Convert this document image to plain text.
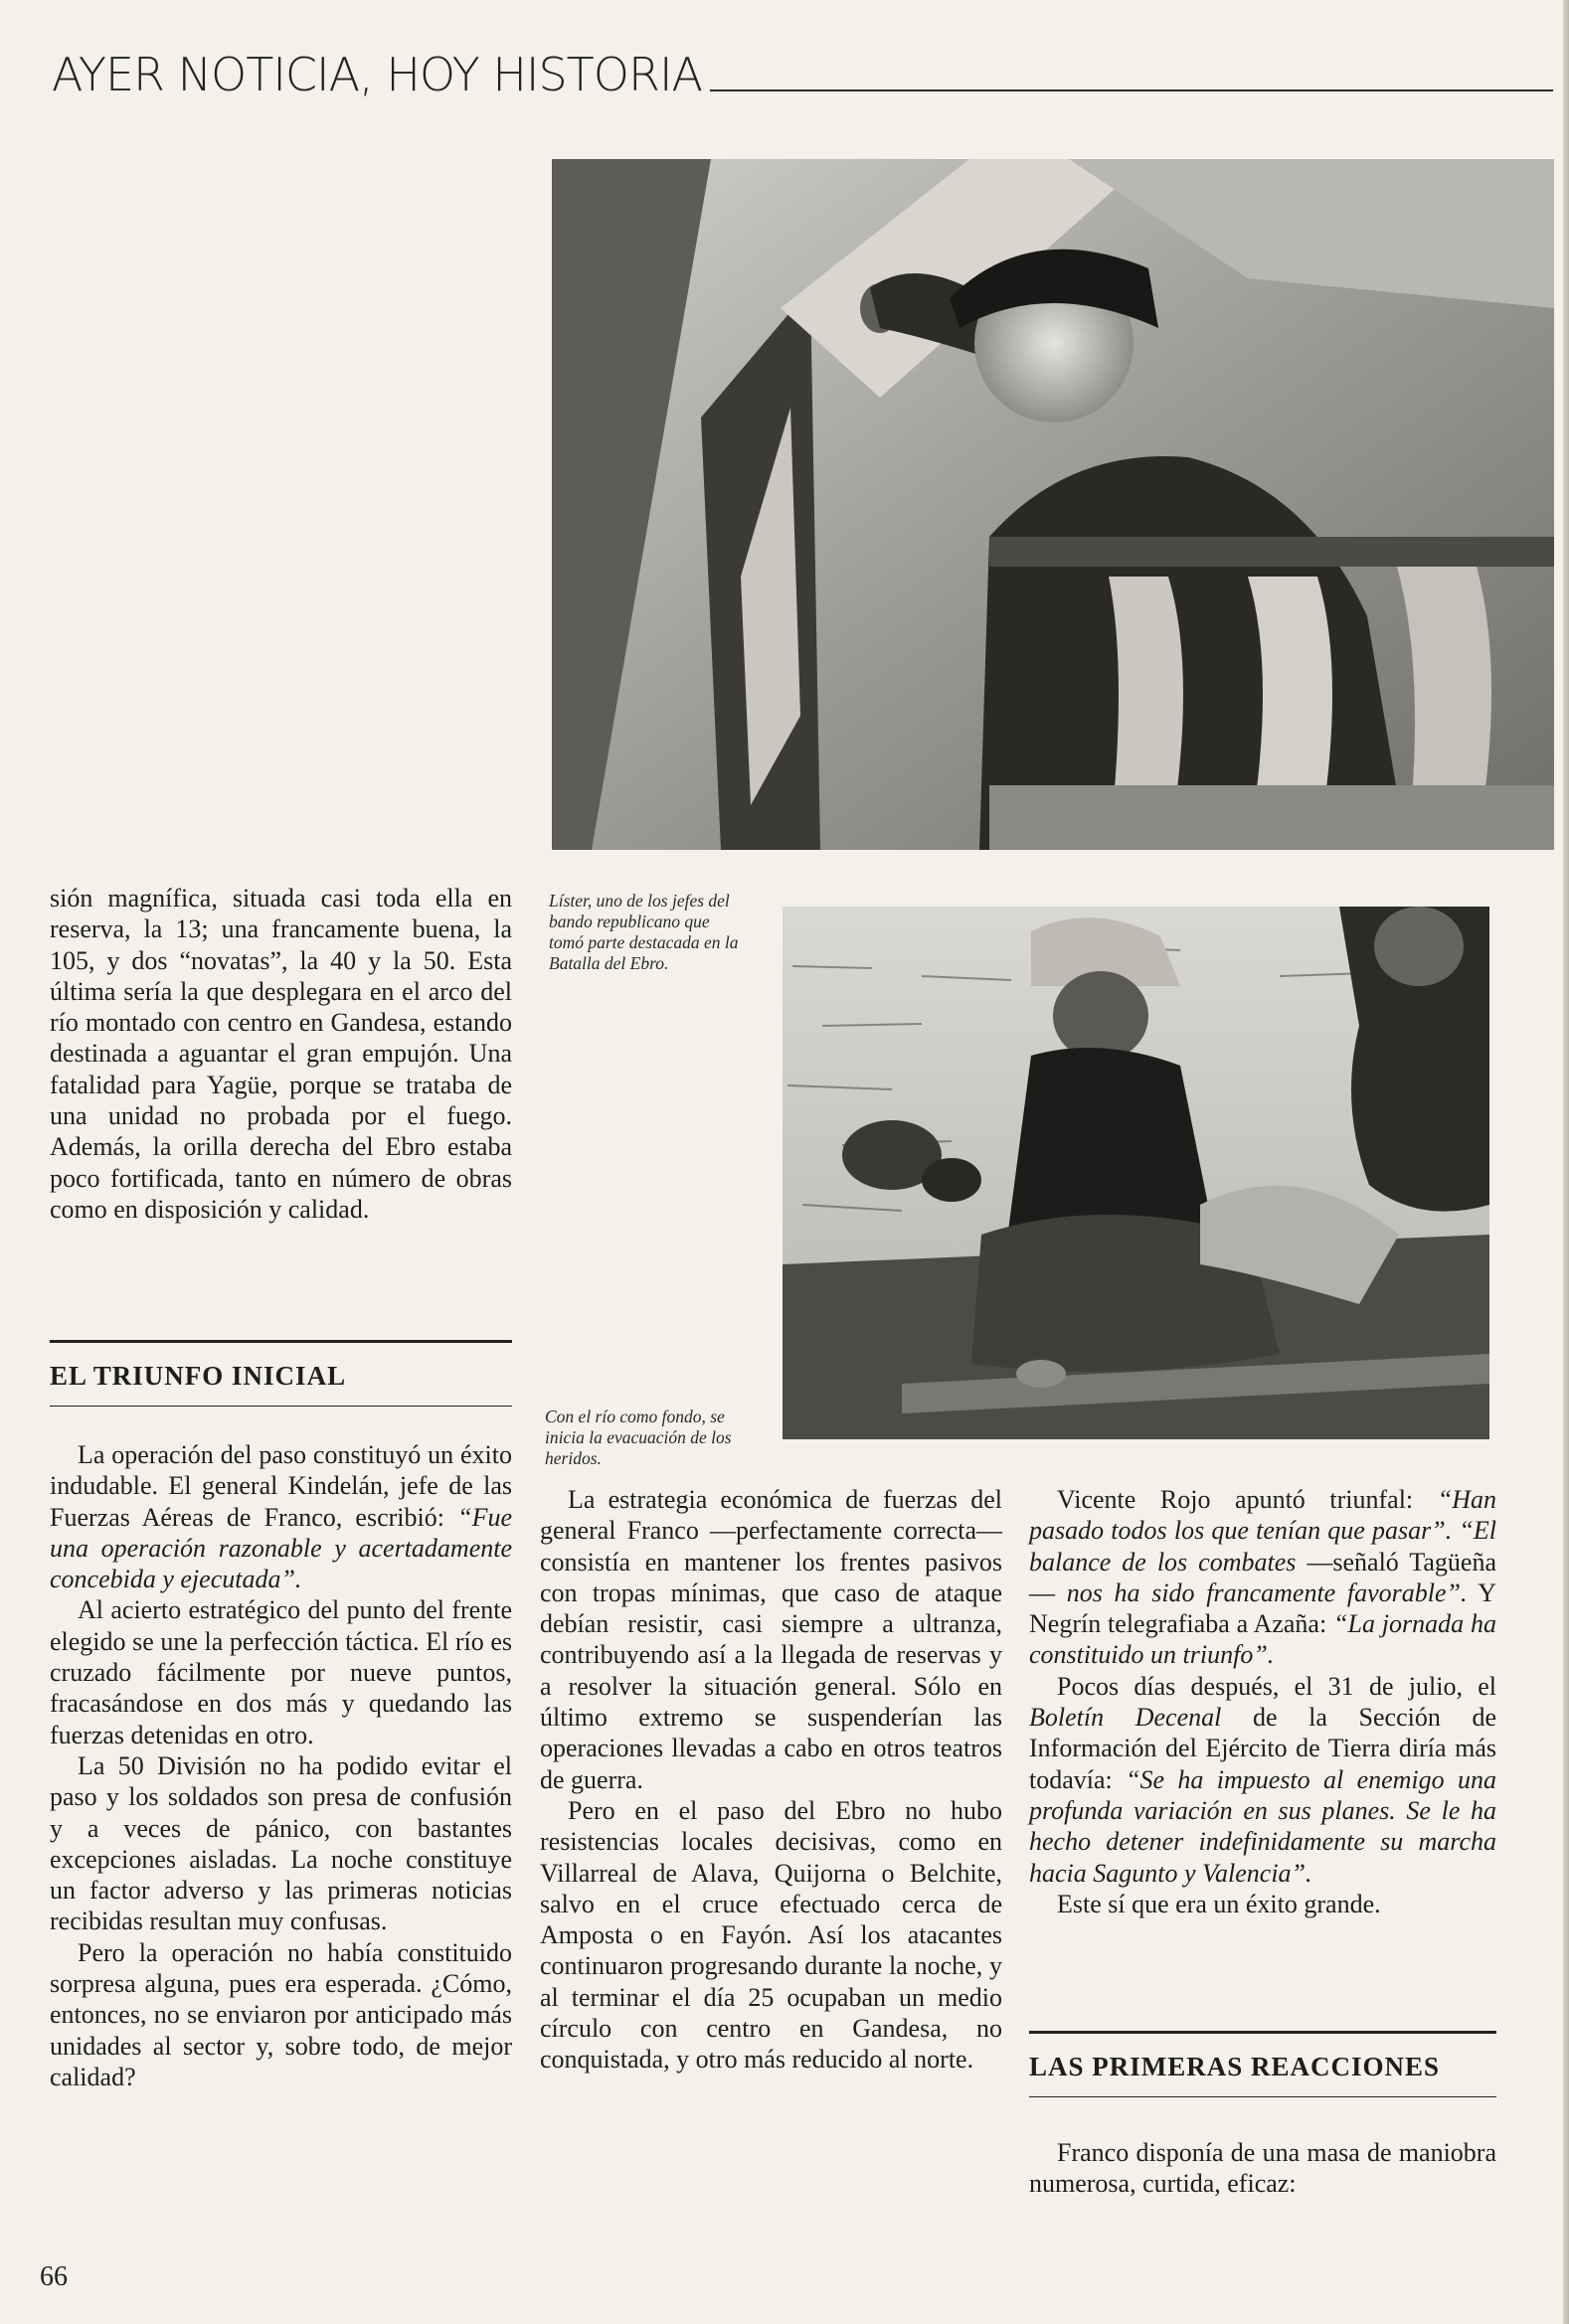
AYER NOTICIA, HOY HISTORIA
Líster, uno de los jefes del bando republicano que tomó parte destacada en la Batalla del Ebro.
Con el río como fondo, se inicia la evacuación de los heridos.

sión magnífica, situada casi toda ella en reserva, la 13; una francamente buena, la 105, y dos “novatas”, la 40 y la 50. Esta última sería la que desplegara en el arco del río montado con centro en Gandesa, estando destinada a aguantar el gran empujón. Una fatalidad para Yagüe, porque se trataba de una unidad no probada por el fuego. Además, la orilla derecha del Ebro estaba poco fortificada, tanto en número de obras como en disposición y calidad.

EL TRIUNFO INICIAL

La operación del paso constituyó un éxito indudable. El general Kindelán, jefe de las Fuerzas Aéreas de Franco, escribió: “Fue una operación razonable y acertadamente concebida y ejecutada”.

Al acierto estratégico del punto del frente elegido se une la perfección táctica. El río es cruzado fácilmente por nueve puntos, fracasándose en dos más y quedando las fuerzas detenidas en otro.

La 50 División no ha podido evitar el paso y los soldados son presa de confusión y a veces de pánico, con bastantes excepciones aisladas. La noche constituye un factor adverso y las primeras noticias recibidas resultan muy confusas.

Pero la operación no había constituido sorpresa alguna, pues era esperada. ¿Cómo, entonces, no se enviaron por anticipado más unidades al sector y, sobre todo, de mejor calidad?

La estrategia económica de fuerzas del general Franco —perfectamente correcta— consistía en mantener los frentes pasivos con tropas mínimas, que caso de ataque debían resistir, casi siempre a ultranza, contribuyendo así a la llegada de reservas y a resolver la situación general. Sólo en último extremo se suspenderían las operaciones llevadas a cabo en otros teatros de guerra.

Pero en el paso del Ebro no hubo resistencias locales decisivas, como en Villarreal de Alava, Quijorna o Belchite, salvo en el cruce efectuado cerca de Amposta o en Fayón. Así los atacantes continuaron progresando durante la noche, y al terminar el día 25 ocupaban un medio círculo con centro en Gandesa, no conquistada, y otro más reducido al norte.

Vicente Rojo apuntó triunfal: “Han pasado todos los que tenían que pasar”. “El balance de los combates —señaló Tagüeña— nos ha sido francamente favorable”. Y Negrín telegrafiaba a Azaña: “La jornada ha constituido un triunfo”.

Pocos días después, el 31 de julio, el Boletín Decenal de la Sección de Información del Ejército de Tierra diría más todavía: “Se ha impuesto al enemigo una profunda variación en sus planes. Se le ha hecho detener indefinidamente su marcha hacia Sagunto y Valencia”.

Este sí que era un éxito grande.

LAS PRIMERAS REACCIONES

Franco disponía de una masa de maniobra numerosa, curtida, eficaz:

66
